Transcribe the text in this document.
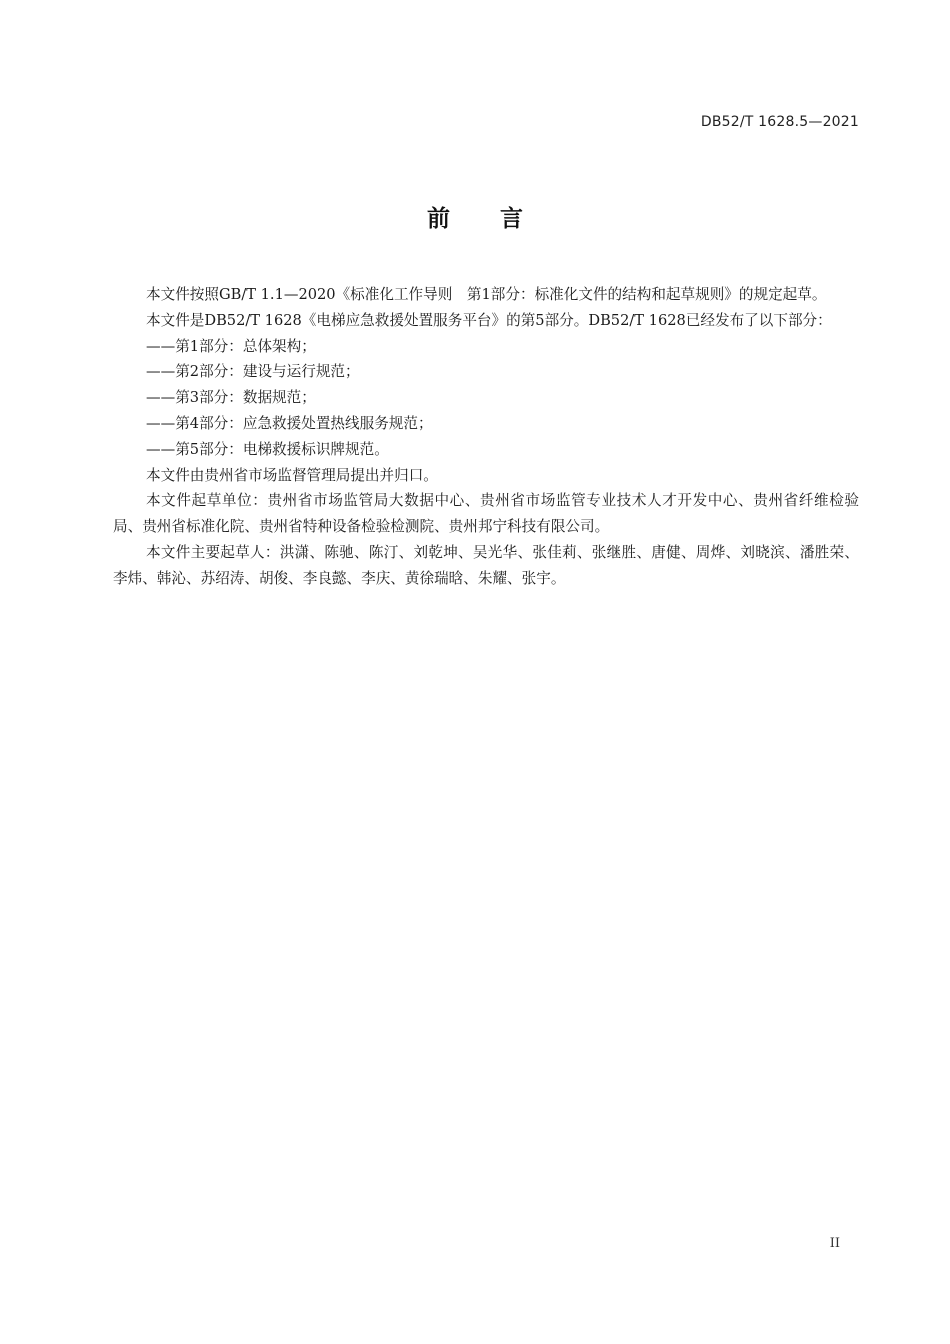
DB52/T 1628.5—2021
前言

本文件按照GB/T 1.1—2020《标准化工作导则　第1部分：标准化文件的结构和起草规则》的规定起草。

本文件是DB52/T 1628《电梯应急救援处置服务平台》的第5部分。DB52/T 1628已经发布了以下部分：

——第1部分：总体架构；

——第2部分：建设与运行规范；

——第3部分：数据规范；

——第4部分：应急救援处置热线服务规范；

——第5部分：电梯救援标识牌规范。

本文件由贵州省市场监督管理局提出并归口。

本文件起草单位：贵州省市场监管局大数据中心、贵州省市场监管专业技术人才开发中心、贵州省纤维检验局、贵州省标准化院、贵州省特种设备检验检测院、贵州邦宁科技有限公司。

本文件主要起草人：洪潇、陈驰、陈汀、刘乾坤、吴光华、张佳莉、张继胜、唐健、周烨、刘晓滨、潘胜荣、李炜、韩沁、苏绍涛、胡俊、李良懿、李庆、黄徐瑞晗、朱耀、张宇。

II
